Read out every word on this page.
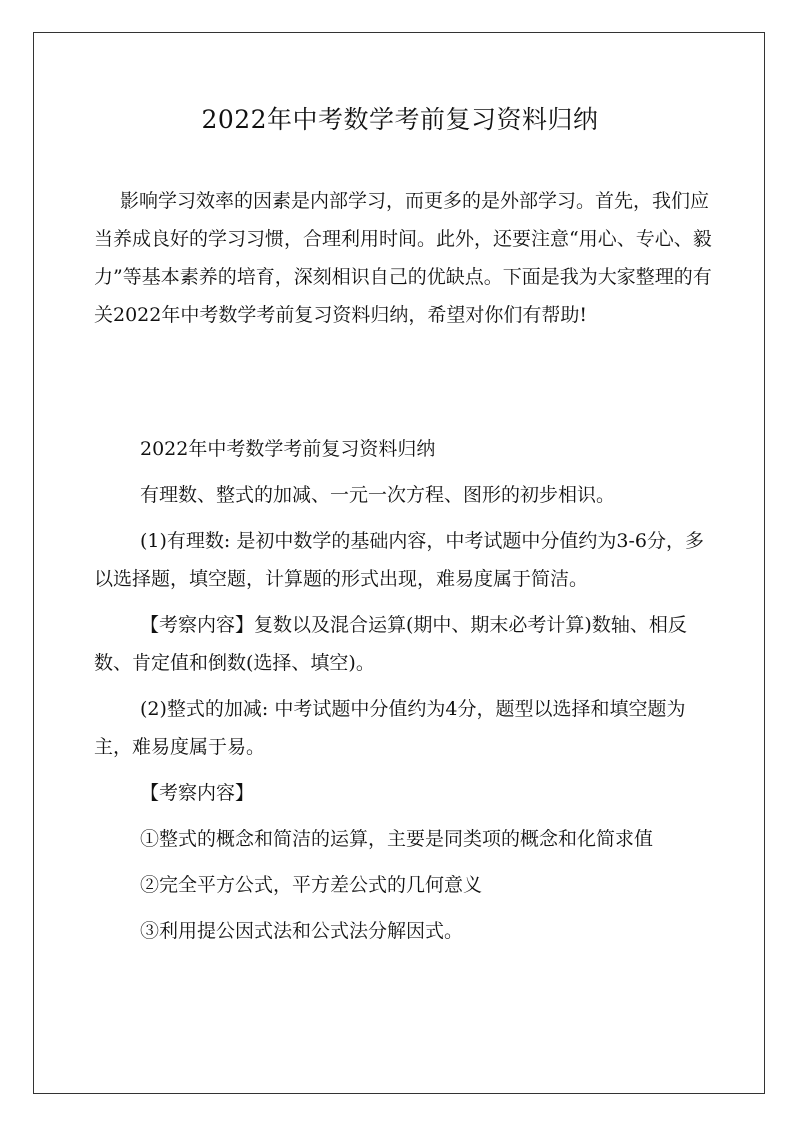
2022年中考数学考前复习资料归纳

影响学习效率的因素是内部学习，而更多的是外部学习。首先，我们应当养成良好的学习习惯，合理利用时间。此外，还要注意“用心、专心、毅力”等基本素养的培育，深刻相识自己的优缺点。下面是我为大家整理的有关2022年中考数学考前复习资料归纳，希望对你们有帮助!

2022年中考数学考前复习资料归纳

有理数、整式的加减、一元一次方程、图形的初步相识。

(1)有理数: 是初中数学的基础内容，中考试题中分值约为3-6分，多以选择题，填空题，计算题的形式出现，难易度属于简洁。

【考察内容】复数以及混合运算(期中、期末必考计算)数轴、相反数、肯定值和倒数(选择、填空)。

(2)整式的加减: 中考试题中分值约为4分，题型以选择和填空题为主，难易度属于易。

【考察内容】

①整式的概念和简洁的运算，主要是同类项的概念和化简求值

②完全平方公式，平方差公式的几何意义

③利用提公因式法和公式法分解因式。
